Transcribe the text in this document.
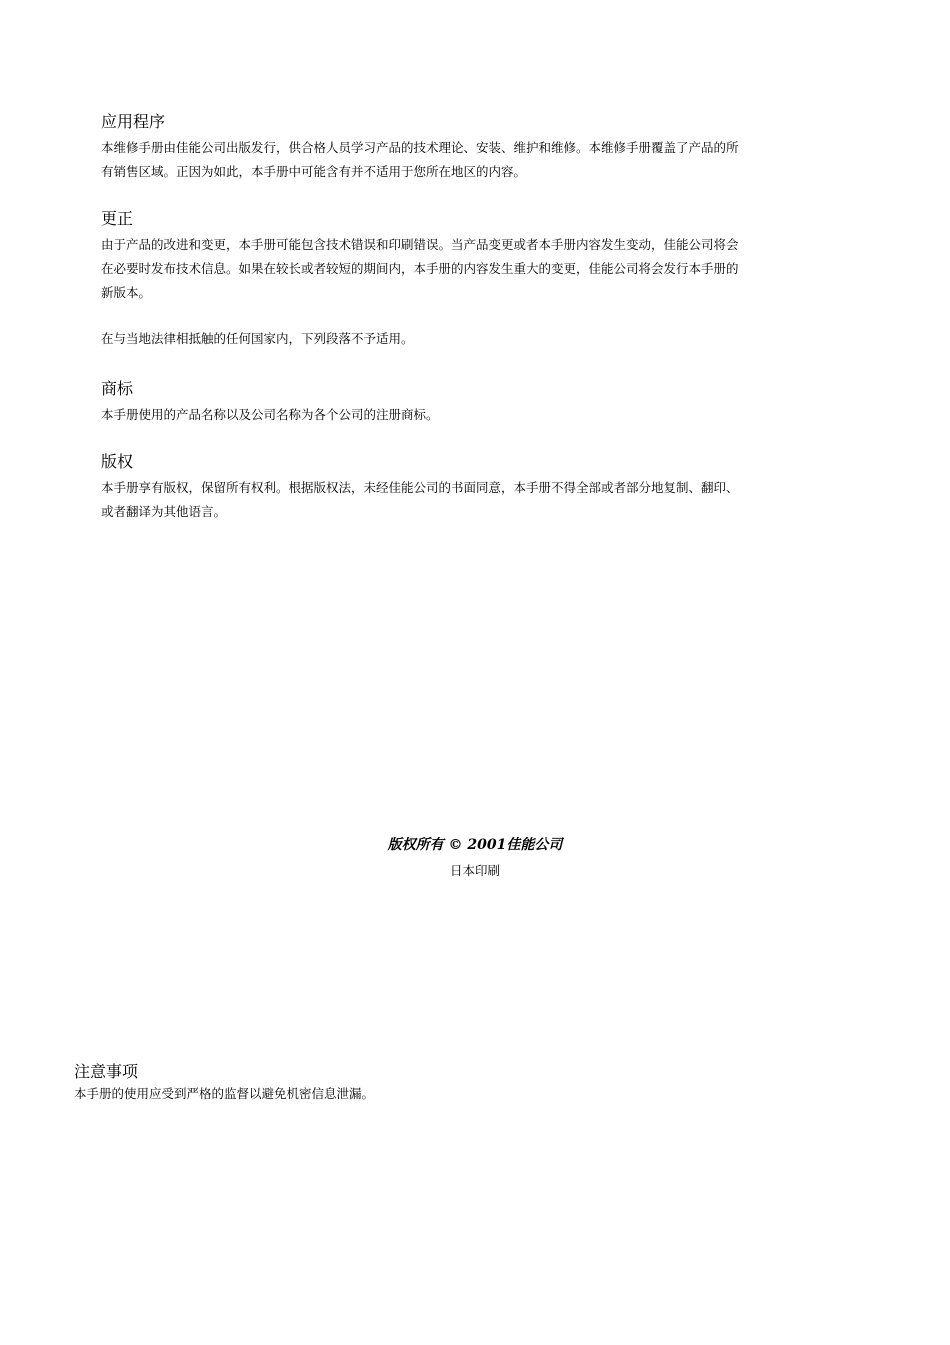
应用程序

本维修手册由佳能公司出版发行，供合格人员学习产品的技术理论、安装、维护和维修。本维修手册覆盖了产品的所
有销售区域。正因为如此，本手册中可能含有并不适用于您所在地区的内容。

更正

由于产品的改进和变更，本手册可能包含技术错误和印刷错误。当产品变更或者本手册内容发生变动，佳能公司将会
在必要时发布技术信息。如果在较长或者较短的期间内，本手册的内容发生重大的变更，佳能公司将会发行本手册的
新版本。

在与当地法律相抵触的任何国家内，下列段落不予适用。

商标

本手册使用的产品名称以及公司名称为各个公司的注册商标。

版权

本手册享有版权，保留所有权利。根据版权法，未经佳能公司的书面同意，本手册不得全部或者部分地复制、翻印、
或者翻译为其他语言。

版权所有 © 2001佳能公司

日本印刷

注意事项

本手册的使用应受到严格的监督以避免机密信息泄漏。
